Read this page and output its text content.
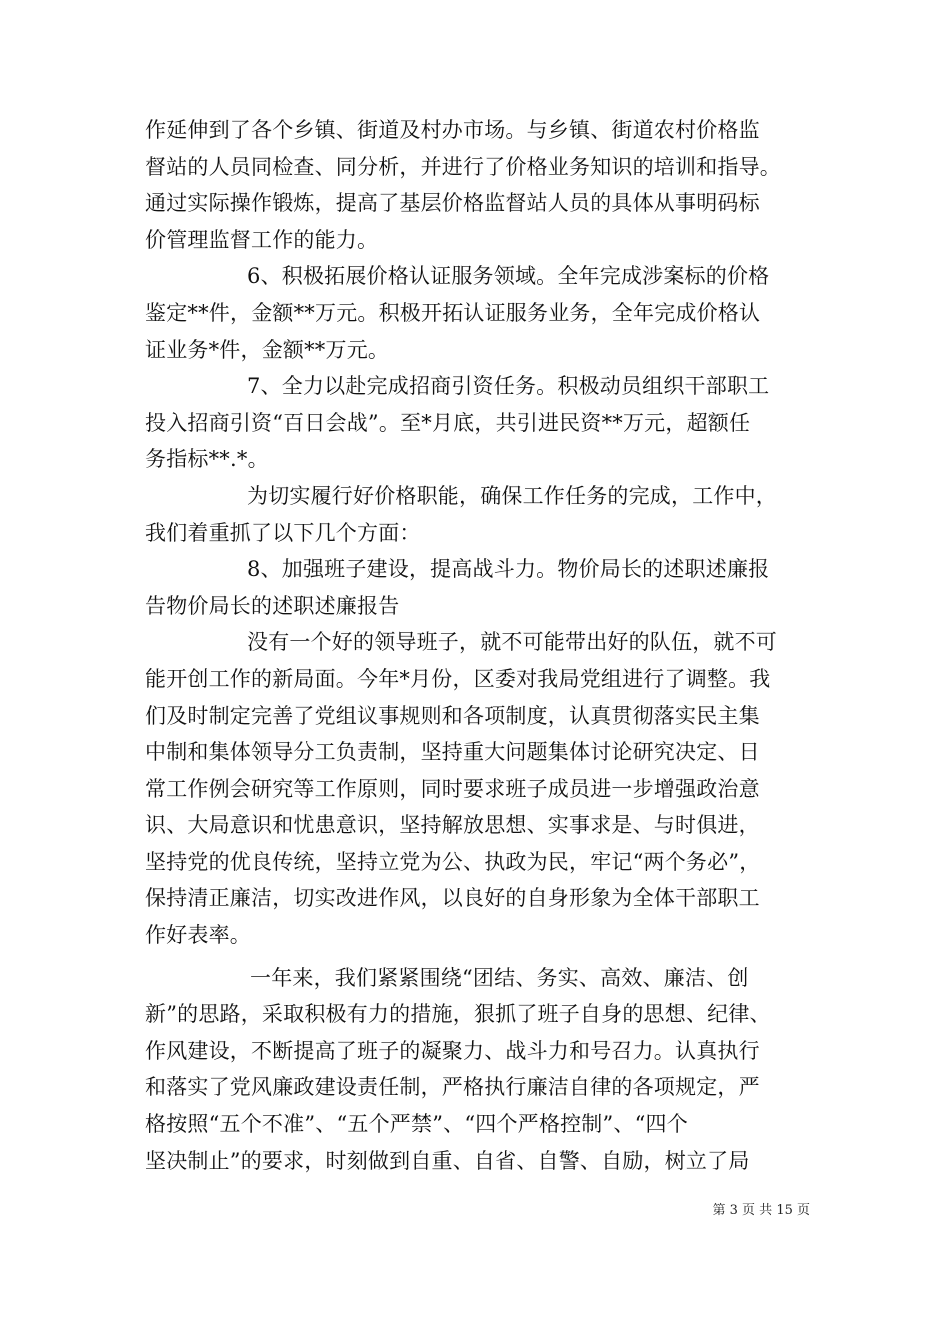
作延伸到了各个乡镇、街道及村办市场。与乡镇、街道农村价格监
督站的人员同检查、同分析，并进行了价格业务知识的培训和指导。
通过实际操作锻炼，提高了基层价格监督站人员的具体从事明码标
价管理监督工作的能力。
6、积极拓展价格认证服务领域。全年完成涉案标的价格
鉴定**件，金额**万元。积极开拓认证服务业务，全年完成价格认
证业务*件，金额**万元。
7、全力以赴完成招商引资任务。积极动员组织干部职工
投入招商引资“百日会战”。至*月底，共引进民资**万元，超额任
务指标**.*。
为切实履行好价格职能，确保工作任务的完成，工作中，
我们着重抓了以下几个方面：
8、加强班子建设，提高战斗力。物价局长的述职述廉报
告物价局长的述职述廉报告
没有一个好的领导班子，就不可能带出好的队伍，就不可
能开创工作的新局面。今年*月份，区委对我局党组进行了调整。我
们及时制定完善了党组议事规则和各项制度，认真贯彻落实民主集
中制和集体领导分工负责制，坚持重大问题集体讨论研究决定、日
常工作例会研究等工作原则，同时要求班子成员进一步增强政治意
识、大局意识和忧患意识，坚持解放思想、实事求是、与时俱进，
坚持党的优良传统，坚持立党为公、执政为民，牢记“两个务必”，
保持清正廉洁，切实改进作风，以良好的自身形象为全体干部职工
作好表率。
一年来，我们紧紧围绕“团结、务实、高效、廉洁、创
新”的思路，采取积极有力的措施，狠抓了班子自身的思想、纪律、
作风建设，不断提高了班子的凝聚力、战斗力和号召力。认真执行
和落实了党风廉政建设责任制，严格执行廉洁自律的各项规定，严
格按照“五个不准”、“五个严禁”、“四个严格控制”、“四个
坚决制止”的要求，时刻做到自重、自省、自警、自励，树立了局
第 3 页 共 15 页
